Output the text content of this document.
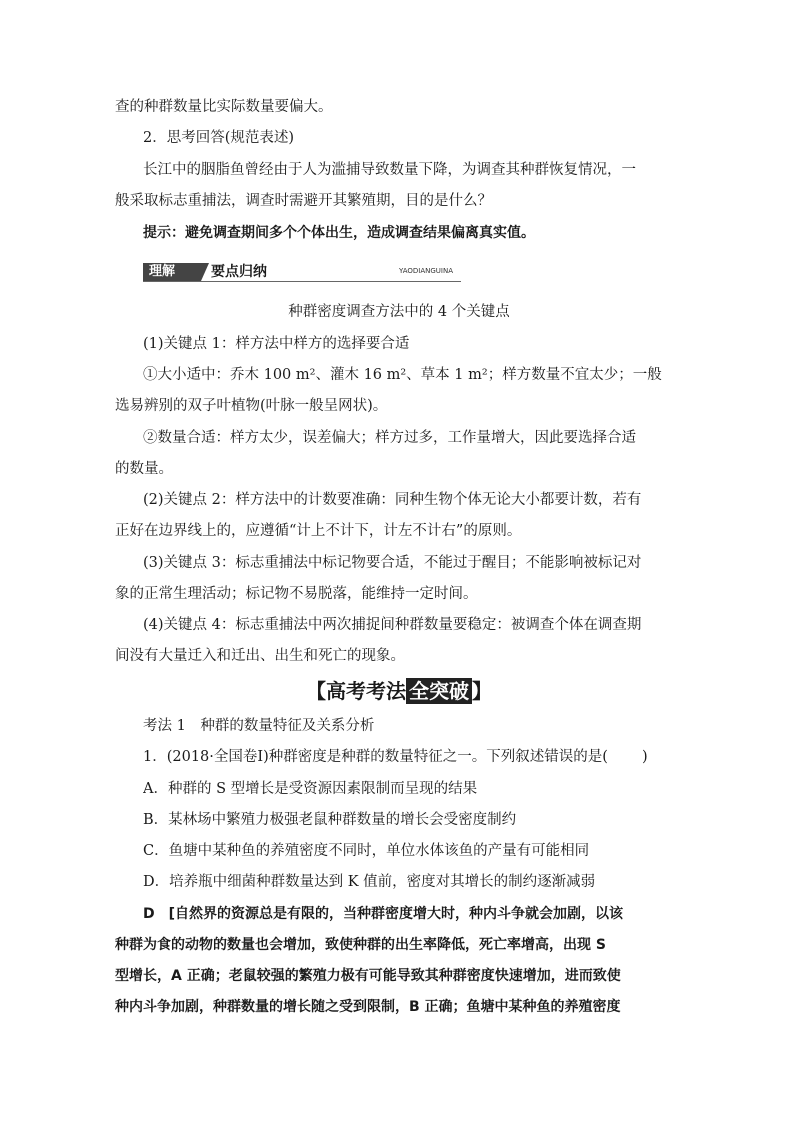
查的种群数量比实际数量要偏大。
2．思考回答(规范表述)
长江中的胭脂鱼曾经由于人为滥捕导致数量下降，为调查其种群恢复情况，一
般采取标志重捕法，调查时需避开其繁殖期，目的是什么？
提示：避免调查期间多个个体出生，造成调查结果偏离真实值。
理解	要点归纳	YAODIANGUINA
种群密度调查方法中的 4 个关键点
(1)关键点 1：样方法中样方的选择要合适
①大小适中：乔木 100 m²、灌木 16 m²、草本 1 m²；样方数量不宜太少；一般
选易辨别的双子叶植物(叶脉一般呈网状)。
②数量合适：样方太少，误差偏大；样方过多，工作量增大，因此要选择合适
的数量。
(2)关键点 2：样方法中的计数要准确：同种生物个体无论大小都要计数，若有
正好在边界线上的，应遵循“计上不计下，计左不计右”的原则。
(3)关键点 3：标志重捕法中标记物要合适，不能过于醒目；不能影响被标记对
象的正常生理活动；标记物不易脱落，能维持一定时间。
(4)关键点 4：标志重捕法中两次捕捉间种群数量要稳定：被调查个体在调查期
间没有大量迁入和迁出、出生和死亡的现象。
【高考考法 全突破 】
考法 1　种群的数量特征及关系分析
1．(2018·全国卷Ⅰ)种群密度是种群的数量特征之一。下列叙述错误的是( )
A．种群的 S 型增长是受资源因素限制而呈现的结果
B．某林场中繁殖力极强老鼠种群数量的增长会受密度制约
C．鱼塘中某种鱼的养殖密度不同时，单位水体该鱼的产量有可能相同
D．培养瓶中细菌种群数量达到 K 值前，密度对其增长的制约逐渐减弱
D　[自然界的资源总是有限的，当种群密度增大时，种内斗争就会加剧，以该
种群为食的动物的数量也会增加，致使种群的出生率降低，死亡率增高，出现 S
型增长，A 正确；老鼠较强的繁殖力极有可能导致其种群密度快速增加，进而致使
种内斗争加剧，种群数量的增长随之受到限制，B 正确；鱼塘中某种鱼的养殖密度
